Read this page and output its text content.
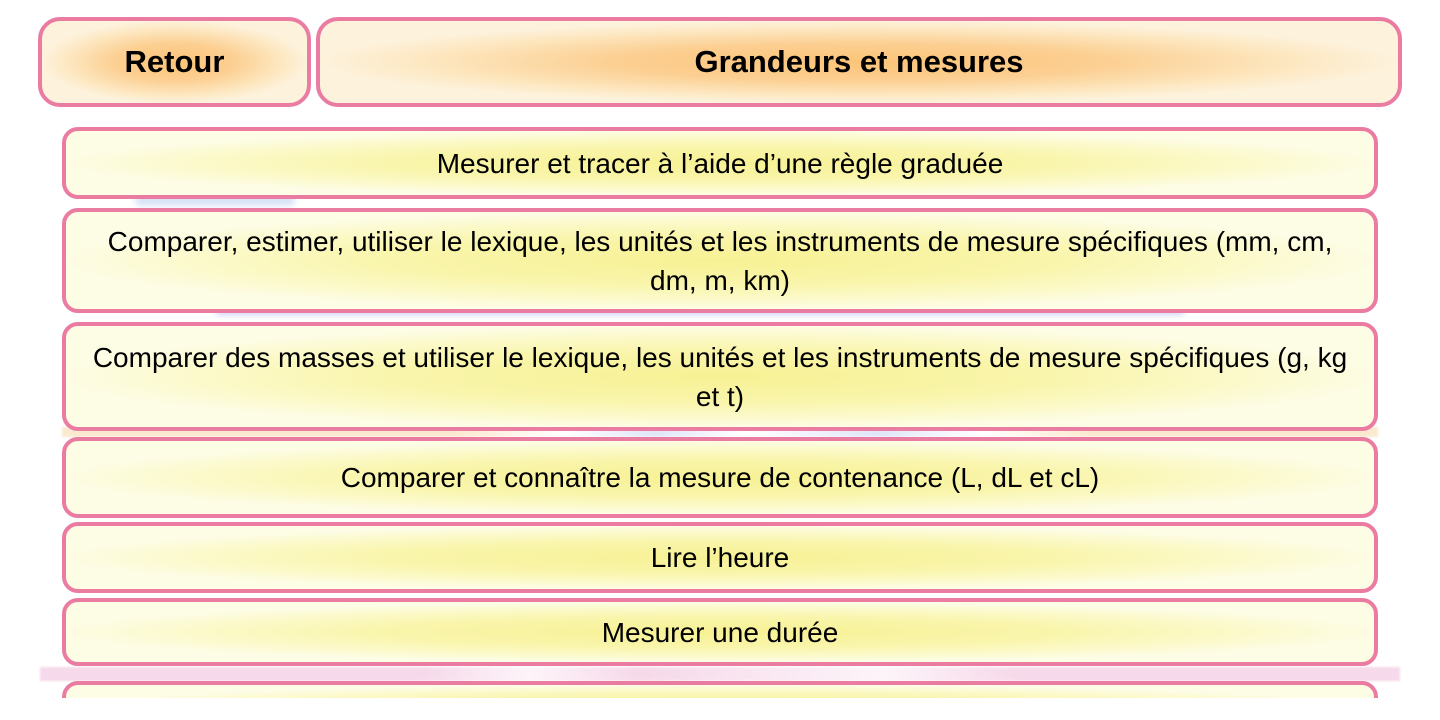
Retour	Grandeurs et mesures
Mesurer et tracer à l’aide d’une règle graduée
Comparer, estimer, utiliser le lexique, les unités et les instruments de mesure spécifiques (mm, cm, dm, m, km)
Comparer des masses et utiliser le lexique, les unités et les instruments de mesure spécifiques (g, kg et t)
Comparer et connaître la mesure de contenance (L, dL et cL)
Lire l’heure
Mesurer une durée
